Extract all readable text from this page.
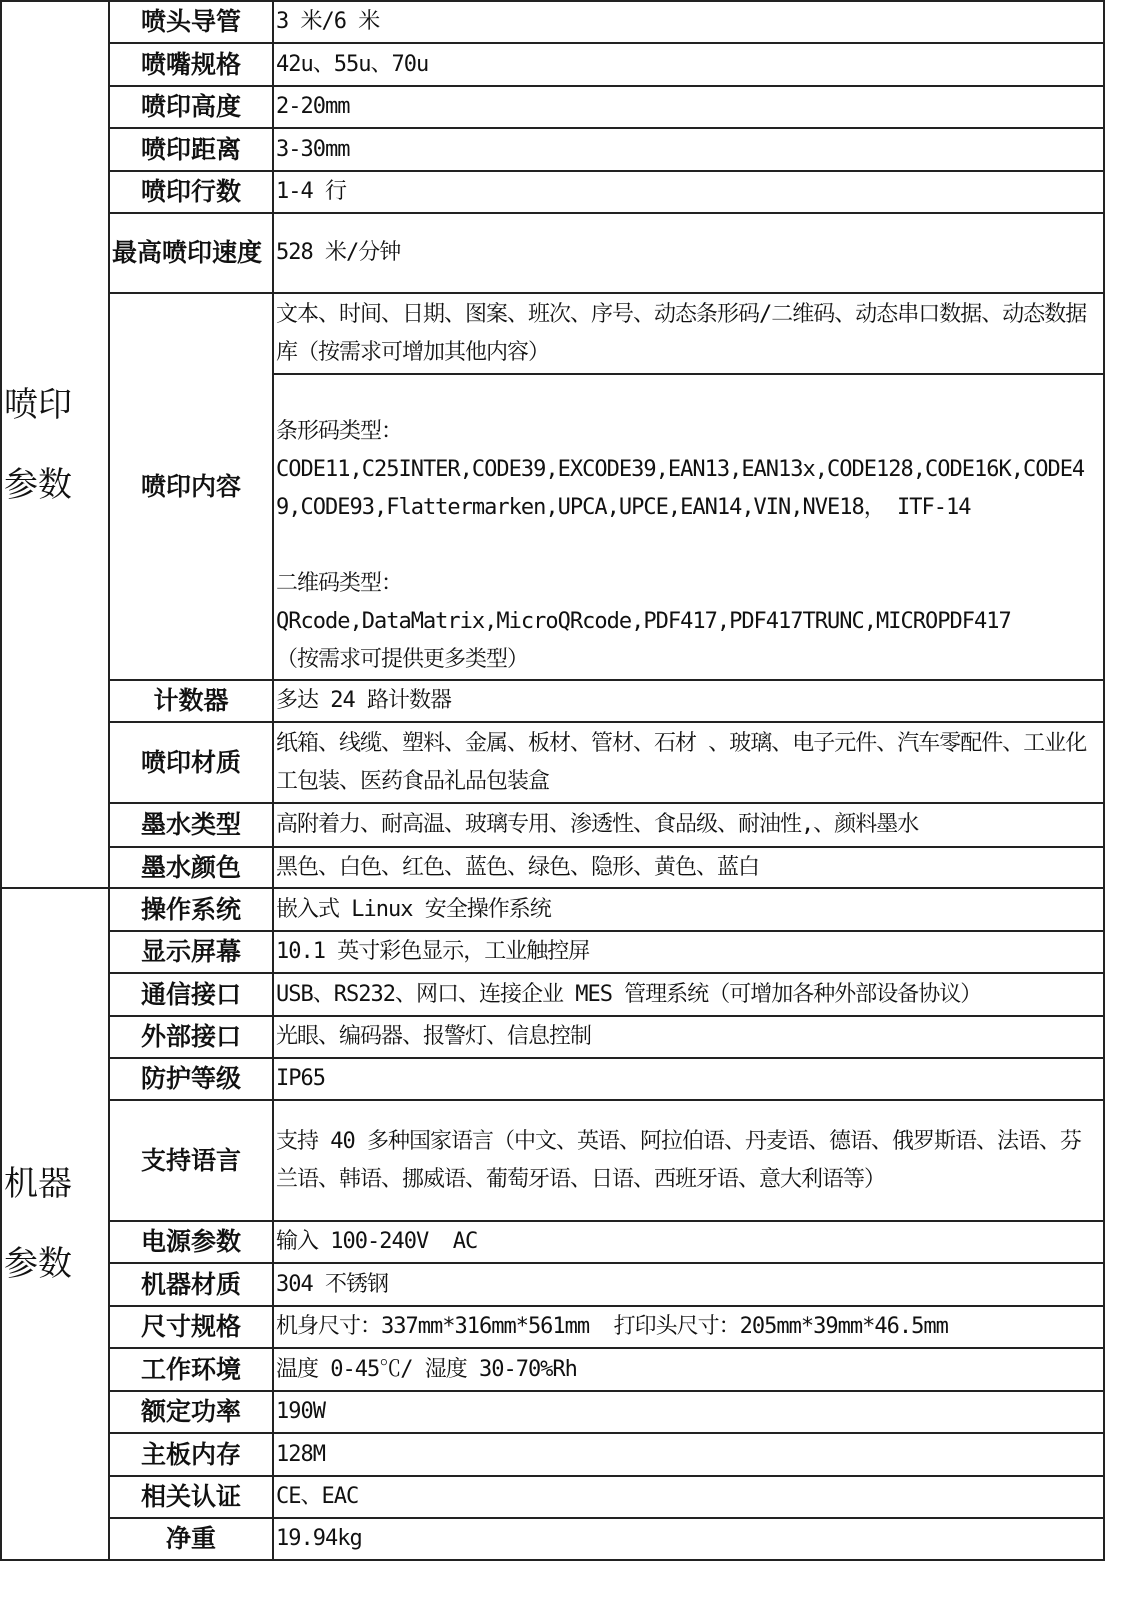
喷印参数	喷头导管	3 米/6 米
	喷嘴规格	42u、55u、70u
	喷印高度	2-20mm
	喷印距离	3-30mm
	喷印行数	1-4 行
	最高喷印速度	528 米/分钟
	喷印内容	文本、时间、日期、图案、班次、序号、动态条形码/二维码、动态串口数据、动态数据库（按需求可增加其他内容）

		条形码类型：
CODE11,C25INTER,CODE39,EXCODE39,EAN13,EAN13x,CODE128,CODE16K,CODE49,CODE93,Flattermarken,UPCA,UPCE,EAN14,VIN,NVE18， ITF-14

二维码类型：
QRcode,DataMatrix,MicroQRcode,PDF417,PDF417TRUNC,MICROPDF417
（按需求可提供更多类型）

	计数器	多达 24 路计数器
	喷印材质	纸箱、线缆、塑料、金属、板材、管材、石材 、玻璃、电子元件、汽车零配件、工业化工包装、医药食品礼品包装盒
	墨水类型	高附着力、耐高温、玻璃专用、渗透性、食品级、耐油性,、颜料墨水
	墨水颜色	黑色、白色、红色、蓝色、绿色、隐形、黄色、蓝白

机器参数	操作系统	嵌入式 Linux 安全操作系统
	显示屏幕	10.1 英寸彩色显示，工业触控屏
	通信接口	USB、RS232、网口、连接企业 MES 管理系统（可增加各种外部设备协议）
	外部接口	光眼、编码器、报警灯、信息控制
	防护等级	IP65
	支持语言	支持 40 多种国家语言（中文、英语、阿拉伯语、丹麦语、德语、俄罗斯语、法语、芬兰语、韩语、挪威语、葡萄牙语、日语、西班牙语、意大利语等）
	电源参数	输入 100-240V  AC
	机器材质	304 不锈钢
	尺寸规格	机身尺寸：337mm*316mm*561mm  打印头尺寸：205mm*39mm*46.5mm
	工作环境	温度 0-45℃/ 湿度 30-70%Rh
	额定功率	190W
	主板内存	128M
	相关认证	CE、EAC
	净重	19.94kg
